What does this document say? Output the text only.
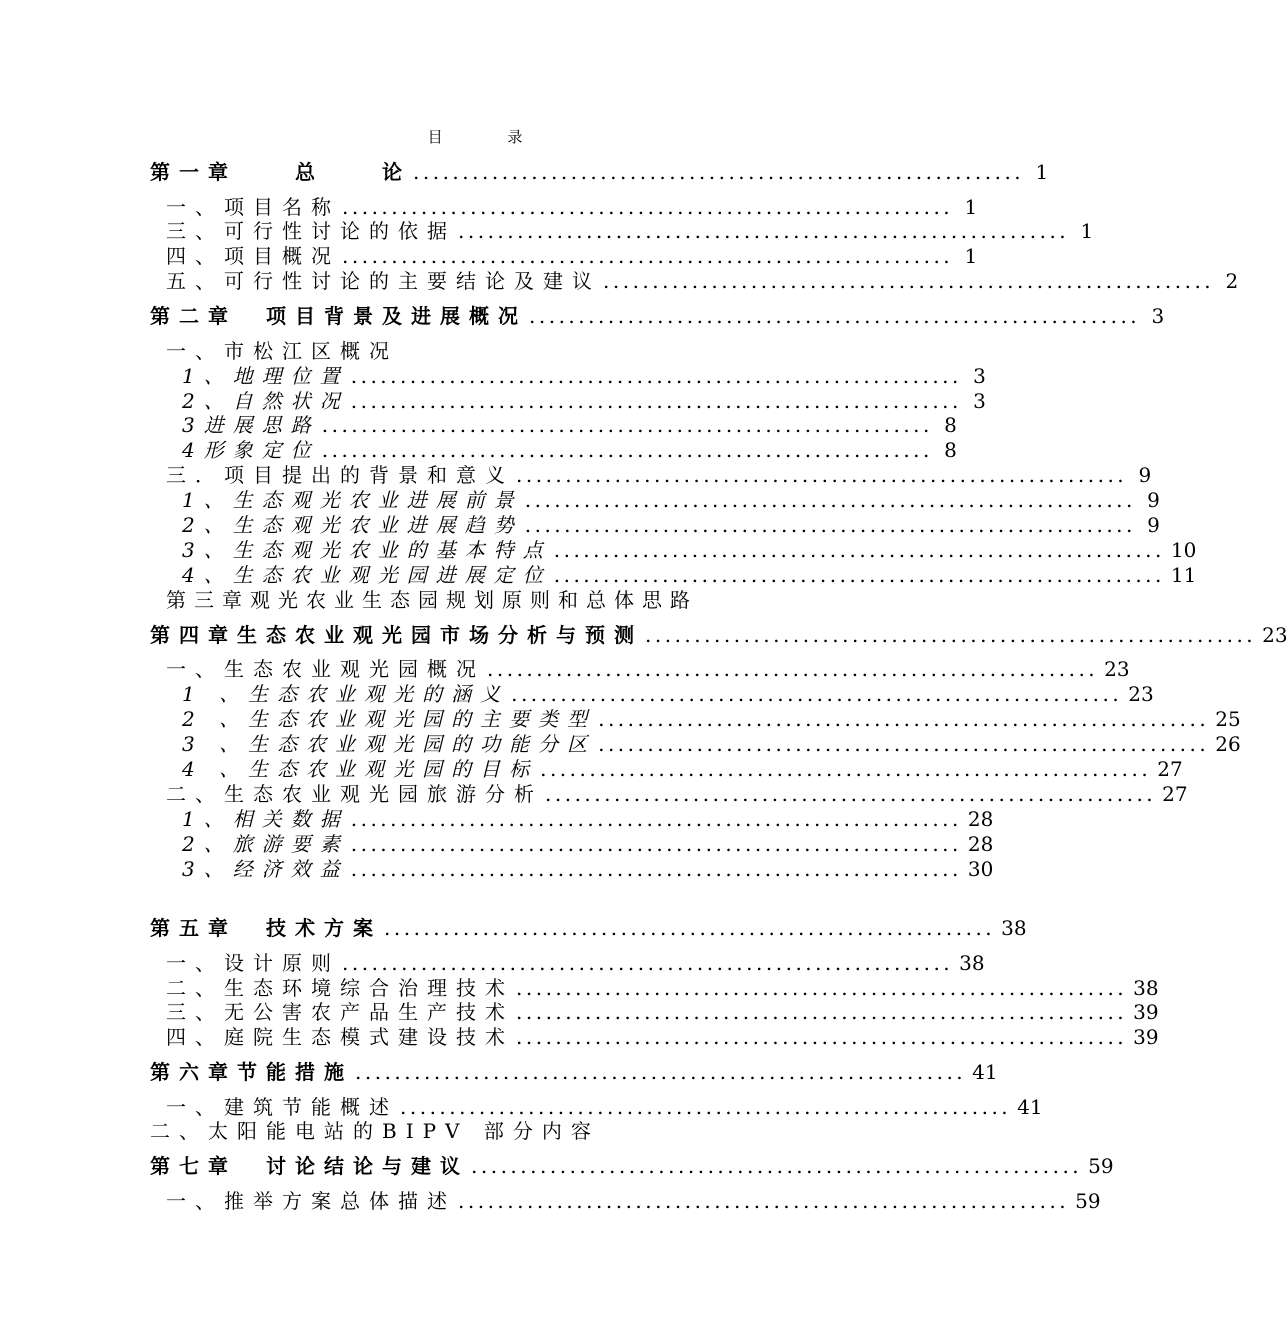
目 录
第一章　　总　　论 .............................................................. 1
一、项目名称 .............................................................. 1
三、可行性讨论的依据 .............................................................. 1
四、项目概况 .............................................................. 1
五、可行性讨论的主要结论及建议 .............................................................. 2
第二章　项目背景及进展概况 .............................................................. 3
一、市松江区概况
1、地理位置 .............................................................. 3
2、自然状况 .............................................................. 3
3进展思路 .............................................................. 8
4形象定位 .............................................................. 8
三．项目提出的背景和意义 .............................................................. 9
1、生态观光农业进展前景 .............................................................. 9
2、生态观光农业进展趋势 .............................................................. 9
3、生态观光农业的基本特点 .............................................................. 10
4、生态农业观光园进展定位 .............................................................. 11
第三章观光农业生态园规划原则和总体思路
第四章生态农业观光园市场分析与预测 .............................................................. 23
一、生态农业观光园概况 .............................................................. 23
1 、生态农业观光的涵义 .............................................................. 23
2 、生态农业观光园的主要类型 .............................................................. 25
3 、生态农业观光园的功能分区 .............................................................. 26
4 、生态农业观光园的目标 .............................................................. 27
二、生态农业观光园旅游分析 .............................................................. 27
1、相关数据 .............................................................. 28
2、旅游要素 .............................................................. 28
3、经济效益 .............................................................. 30
第五章　技术方案 .............................................................. 38
一、设计原则 .............................................................. 38
二、生态环境综合治理技术 .............................................................. 38
三、无公害农产品生产技术 .............................................................. 39
四、庭院生态模式建设技术 .............................................................. 39
第六章节能措施 .............................................................. 41
一、建筑节能概述 .............................................................. 41
二、太阳能电站的BIPV 部分内容
第七章　讨论结论与建议 .............................................................. 59
一、推举方案总体描述 .............................................................. 59
